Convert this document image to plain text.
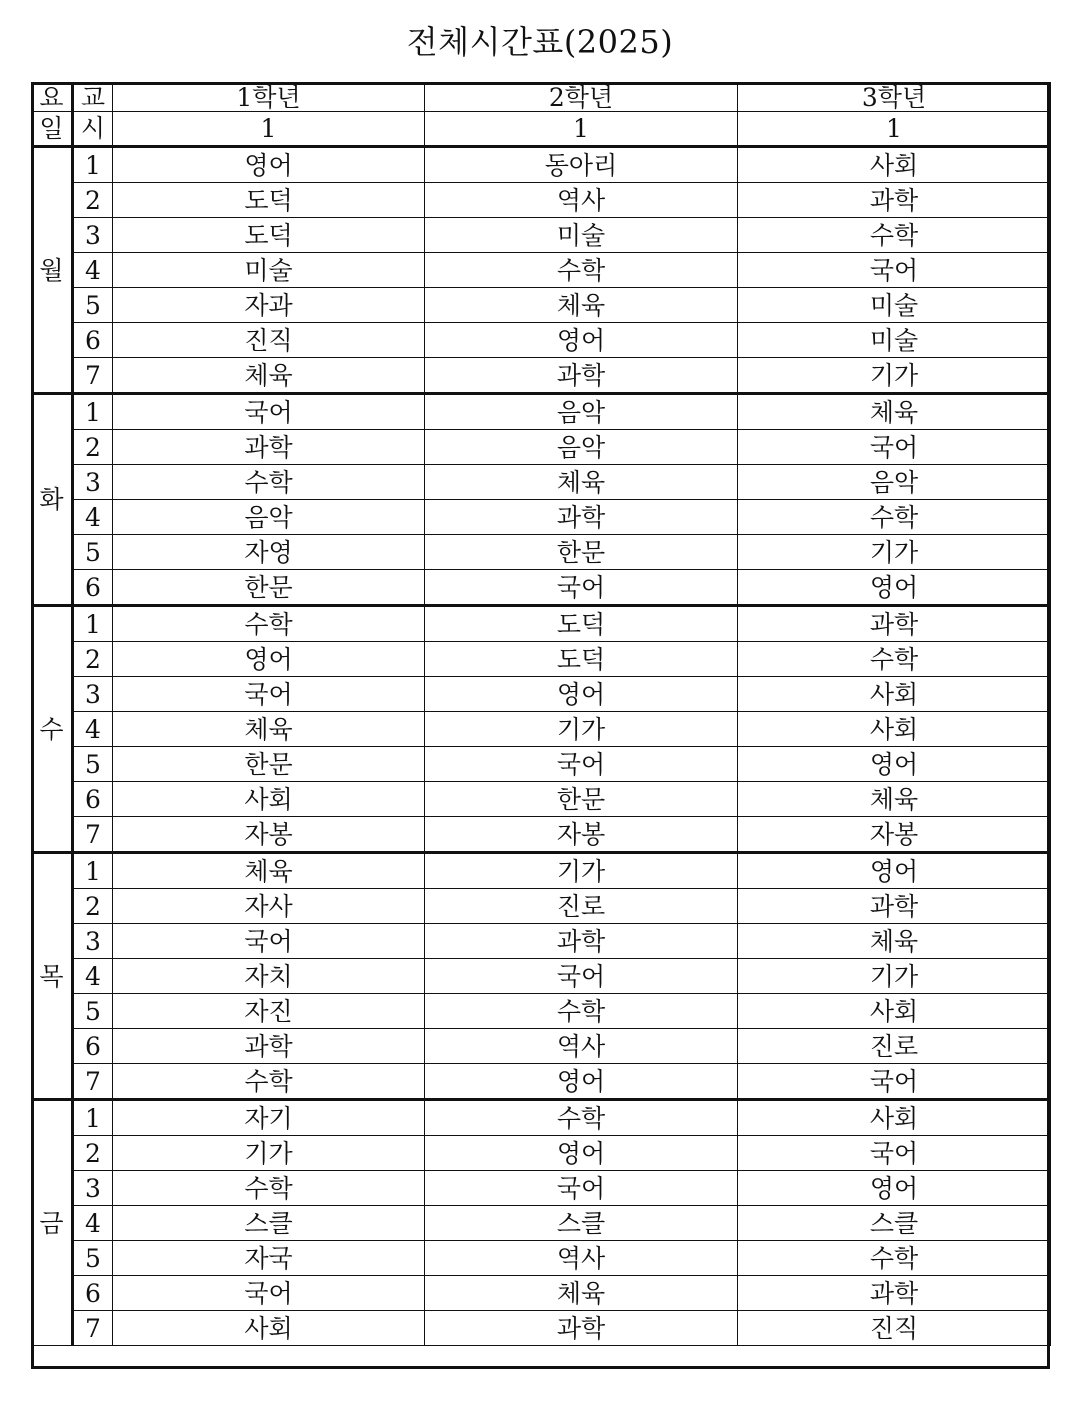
전체시간표(2025)
요	교	1학년	2학년	3학년
일	시	1	1	1
월	1	영어	동아리	사회
	2	도덕	역사	과학
	3	도덕	미술	수학
	4	미술	수학	국어
	5	자과	체육	미술
	6	진직	영어	미술
	7	체육	과학	기가
화	1	국어	음악	체육
	2	과학	음악	국어
	3	수학	체육	음악
	4	음악	과학	수학
	5	자영	한문	기가
	6	한문	국어	영어
수	1	수학	도덕	과학
	2	영어	도덕	수학
	3	국어	영어	사회
	4	체육	기가	사회
	5	한문	국어	영어
	6	사회	한문	체육
	7	자봉	자봉	자봉
목	1	체육	기가	영어
	2	자사	진로	과학
	3	국어	과학	체육
	4	자치	국어	기가
	5	자진	수학	사회
	6	과학	역사	진로
	7	수학	영어	국어
금	1	자기	수학	사회
	2	기가	영어	국어
	3	수학	국어	영어
	4	스클	스클	스클
	5	자국	역사	수학
	6	국어	체육	과학
	7	사회	과학	진직
